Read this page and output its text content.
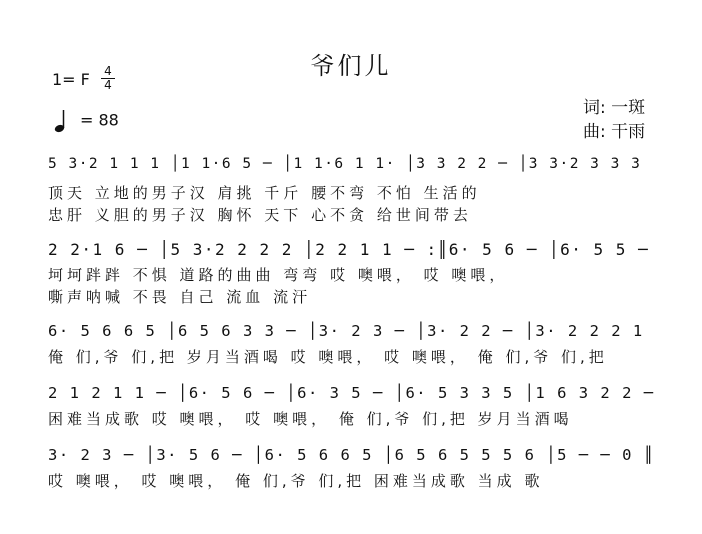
爷们儿
1= F 4
4
= 88
词: 一斑
曲: 干雨
5 3·2 1 1 1 │1 1·6 5 ─ │1 1·6 1 1· │3 3 2 2 ─ │3 3·2 3 3 3
顶天 立地的男子汉 肩挑 千斤 腰不弯 不怕 生活的
忠肝 义胆的男子汉 胸怀 天下 心不贪 给世间带去
2 2·1 6 ─ │5 3·2 2 2 2 │2 2 1 1 ─ :║6· 5 6 ─ │6· 5 5 ─
坷坷跘跘 不惧 道路的曲曲 弯弯 哎 噢喂， 哎 噢喂，
嘶声呐喊 不畏 自己 流血 流汗
6· 5 6 6 5 │6 5 6 3 3 ─ │3· 2 3 ─ │3· 2 2 ─ │3· 2 2 2 1
俺 们,爷 们,把 岁月当酒喝 哎 噢喂， 哎 噢喂， 俺 们,爷 们,把
2 1 2 1 1 ─ │6· 5 6 ─ │6· 3 5 ─ │6· 5 3 3 5 │1 6 3 2 2 ─
困难当成歌 哎 噢喂， 哎 噢喂， 俺 们,爷 们,把 岁月当酒喝
3· 2 3 ─ │3· 5 6 ─ │6· 5 6 6 5 │6 5 6 5 5 5 6 │5 ─ ─ 0 ║
哎 噢喂， 哎 噢喂， 俺 们,爷 们,把 困难当成歌 当成 歌
